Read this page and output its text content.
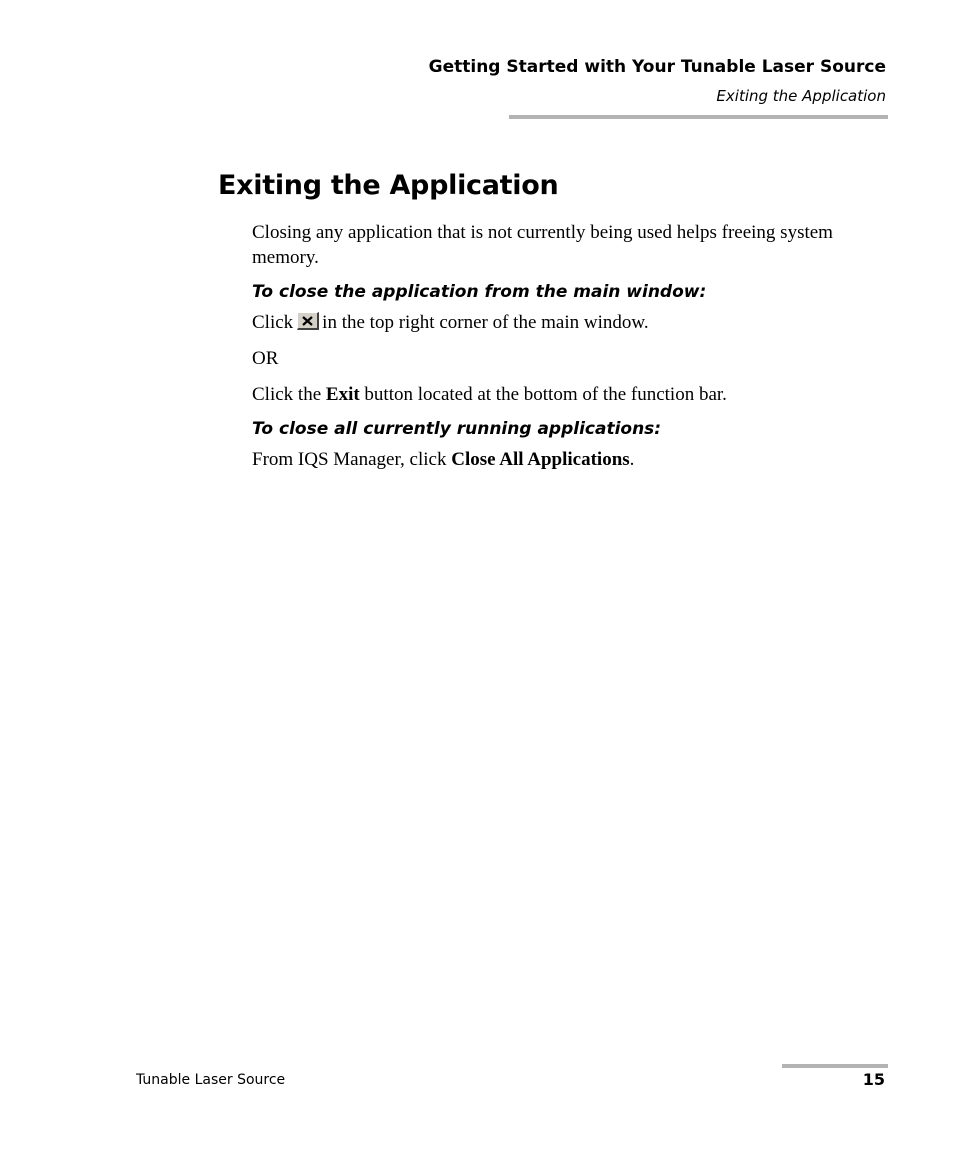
Getting Started with Your Tunable Laser Source
Exiting the Application
Exiting the Application

Closing any application that is not currently being used helps freeing system memory.

To close the application from the main window:

Click in the top right corner of the main window.

OR

Click the Exit button located at the bottom of the function bar.

To close all currently running applications:

From IQS Manager, click Close All Applications.

Tunable Laser Source	15
